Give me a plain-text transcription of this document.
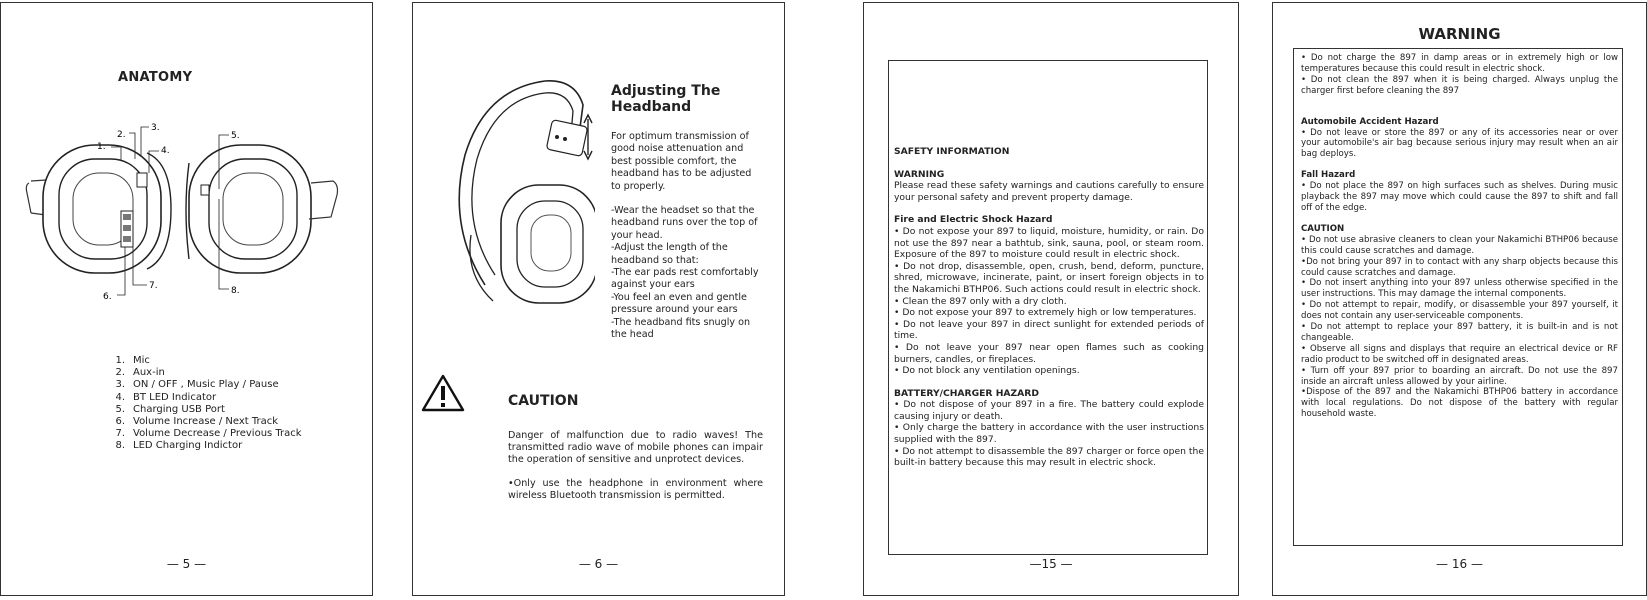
ANATOMY
1.
2.
3.
4.
5.
6.
7.	8.
1. Mic
2. Aux-in
3. ON / OFF , Music Play / Pause
4. BT LED Indicator
5. Charging USB Port
6. Volume Increase / Next Track
7. Volume Decrease / Previous Track
8. LED Charging Indictor
— 5 —
Adjusting The Headband

For optimum transmission of good noise attenuation and best possible comfort, the headband has to be adjusted to properly.

-Wear the headset so that the headband runs over the top of your head.
-Adjust the length of the headband so that:
-The ear pads rest comfortably against your ears
-You feel an even and gentle pressure around your ears
-The headband fits snugly on the head
CAUTION

Danger of malfunction due to radio waves! The transmitted radio wave of mobile phones can impair the operation of sensitive and unprotect devices.

•Only use the headphone in environment where wireless Bluetooth transmission is permitted.

— 6 —

SAFETY INFORMATION

WARNING

Please read these safety warnings and cautions carefully to ensure your personal safety and prevent property damage.

Fire and Electric Shock Hazard

• Do not expose your 897 to liquid, moisture, humidity, or rain. Do not use the 897 near a bathtub, sink, sauna, pool, or steam room. Exposure of the 897 to moisture could result in electric shock.

• Do not drop, disassemble, open, crush, bend, deform, puncture, shred, microwave, incinerate, paint, or insert foreign objects in to the Nakamichi BTHP06. Such actions could result in electric shock.

• Clean the 897 only with a dry cloth.

• Do not expose your 897 to extremely high or low temperatures.

• Do not leave your 897 in direct sunlight for extended periods of time.

• Do not leave your 897 near open flames such as cooking burners, candles, or fireplaces.

• Do not block any ventilation openings.

BATTERY/CHARGER HAZARD

• Do not dispose of your 897 in a fire. The battery could explode causing injury or death.

• Only charge the battery in accordance with the user instructions supplied with the 897.

• Do not attempt to disassemble the 897 charger or force open the built-in battery because this may result in electric shock.

—15 —
WARNING

• Do not charge the 897 in damp areas or in extremely high or low temperatures because this could result in electric shock.

• Do not clean the 897 when it is being charged. Always unplug the charger first before cleaning the 897

Automobile Accident Hazard

• Do not leave or store the 897 or any of its accessories near or over your automobile's air bag because serious injury may result when an air bag deploys.

Fall Hazard

• Do not place the 897 on high surfaces such as shelves. During music playback the 897 may move which could cause the 897 to shift and fall off of the edge.

CAUTION

• Do not use abrasive cleaners to clean your Nakamichi BTHP06 because this could cause scratches and damage.

•Do not bring your 897 in to contact with any sharp objects because this could cause scratches and damage.

• Do not insert anything into your 897 unless otherwise specified in the user instructions. This may damage the internal components.

• Do not attempt to repair, modify, or disassemble your 897 yourself, it does not contain any user-serviceable components.

• Do not attempt to replace your 897 battery, it is built-in and is not changeable.

• Observe all signs and displays that require an electrical device or RF radio product to be switched off in designated areas.

• Turn off your 897 prior to boarding an aircraft. Do not use the 897 inside an aircraft unless allowed by your airline.

•Dispose of the 897 and the Nakamichi BTHP06 battery in accordance with local regulations. Do not dispose of the battery with regular household waste.

— 16 —
